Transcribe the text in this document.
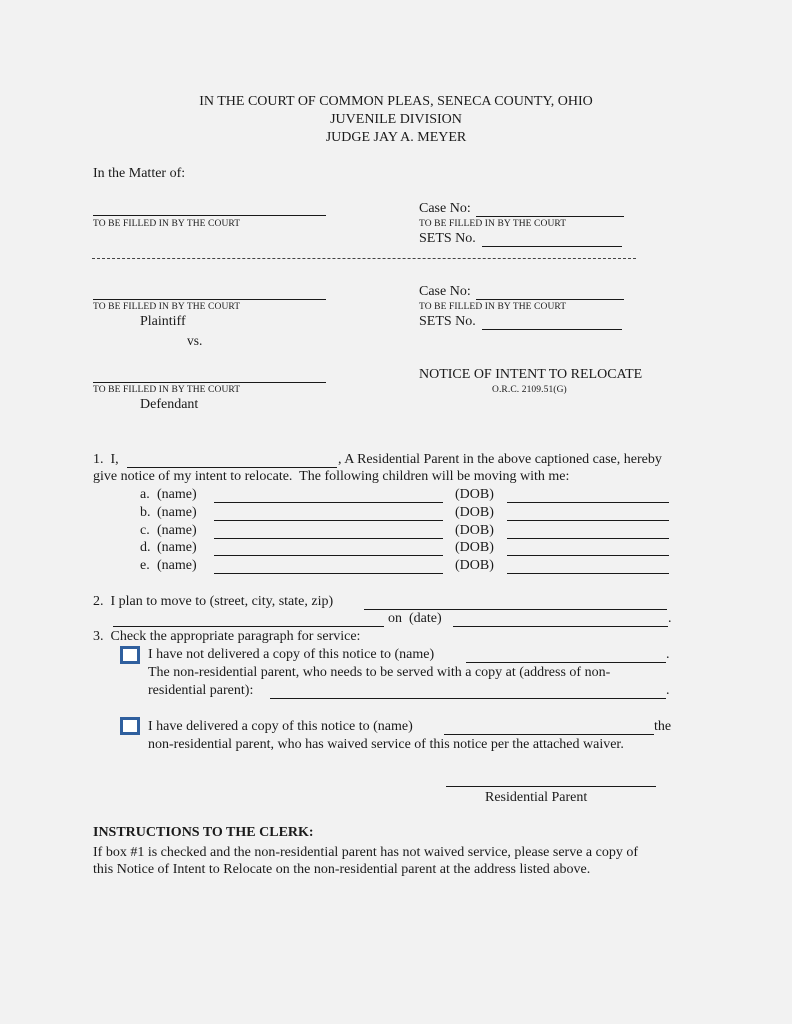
IN THE COURT OF COMMON PLEAS, SENECA COUNTY, OHIO
JUVENILE DIVISION
JUDGE JAY A. MEYER
In the Matter of:
TO BE FILLED IN BY THE COURT
Case No:
TO BE FILLED IN BY THE COURT
SETS No.
TO BE FILLED IN BY THE COURT
Plaintiff
vs.
Case No:
TO BE FILLED IN BY THE COURT
SETS No.
TO BE FILLED IN BY THE COURT
Defendant
NOTICE OF INTENT TO RELOCATE
O.R.C. 2109.51(G)
1.  I,	, A Residential Parent in the above captioned case, hereby
give notice of my intent to relocate.  The following children will be moving with me:
a. (name)	(DOB)
b. (name)	(DOB)
c. (name)	(DOB)
d. (name)	(DOB)
e. (name)	(DOB)
2.  I plan to move to (street, city, state, zip)
on  (date)	.
3.  Check the appropriate paragraph for service:
I have not delivered a copy of this notice to (name)	.
The non-residential parent, who needs to be served with a copy at (address of non-
residential parent):	.
I have delivered a copy of this notice to (name)	the
non-residential parent, who has waived service of this notice per the attached waiver.
Residential Parent
INSTRUCTIONS TO THE CLERK:
If box #1 is checked and the non-residential parent has not waived service, please serve a copy of
this Notice of Intent to Relocate on the non-residential parent at the address listed above.
